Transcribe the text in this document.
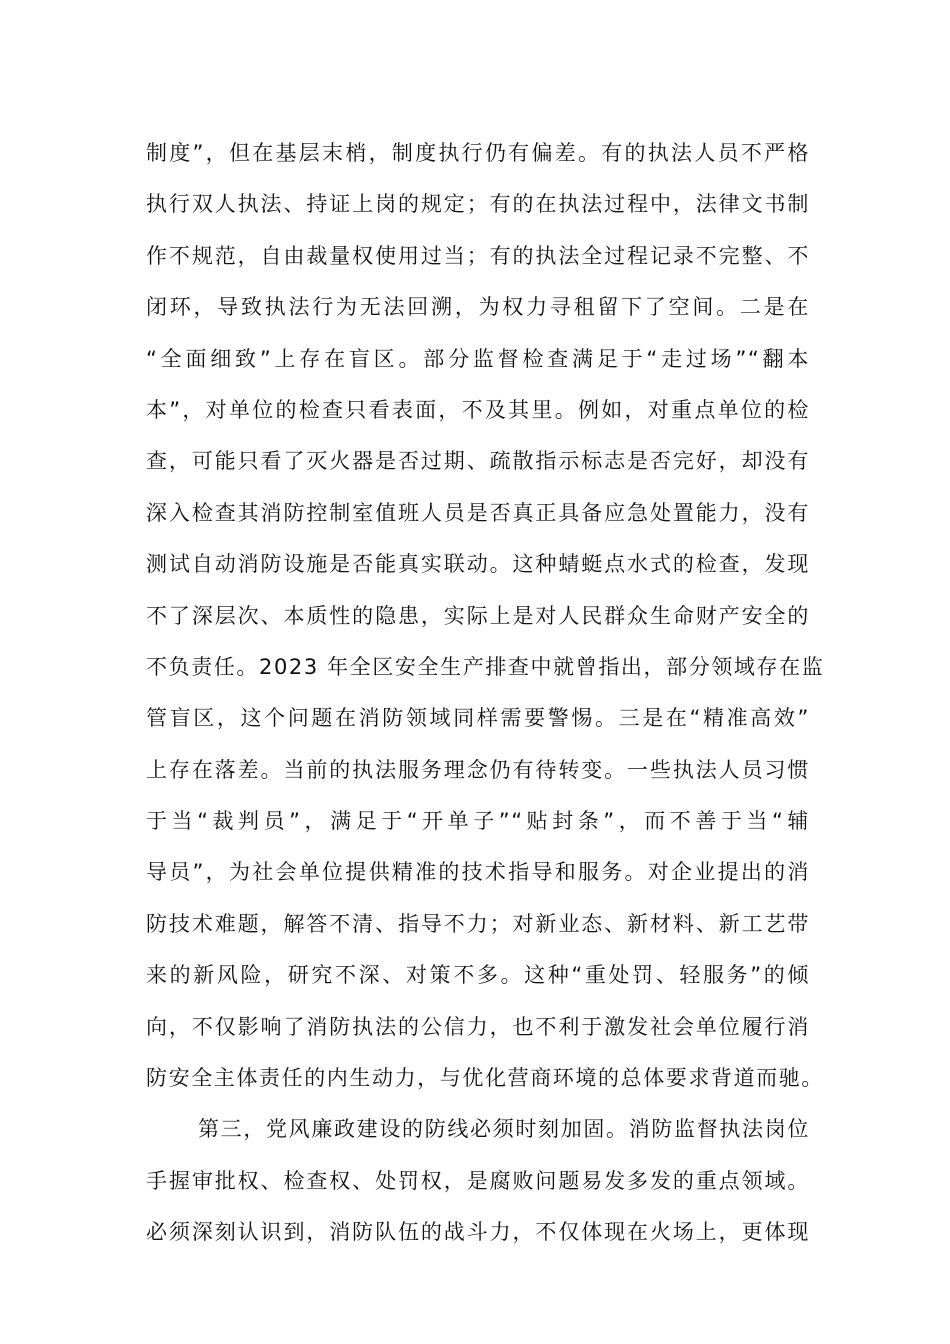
制度”，但在基层末梢，制度执行仍有偏差。有的执法人员不严格
执行双人执法、持证上岗的规定；有的在执法过程中，法律文书制
作不规范，自由裁量权使用过当；有的执法全过程记录不完整、不
闭环，导致执法行为无法回溯，为权力寻租留下了空间。二是在
“全面细致”上存在盲区。部分监督检查满足于“走过场”“翻本
本”，对单位的检查只看表面，不及其里。例如，对重点单位的检
查，可能只看了灭火器是否过期、疏散指示标志是否完好，却没有
深入检查其消防控制室值班人员是否真正具备应急处置能力，没有
测试自动消防设施是否能真实联动。这种蜻蜓点水式的检查，发现
不了深层次、本质性的隐患，实际上是对人民群众生命财产安全的
不负责任。2023 年全区安全生产排查中就曾指出，部分领域存在监
管盲区，这个问题在消防领域同样需要警惕。三是在“精准高效”
上存在落差。当前的执法服务理念仍有待转变。一些执法人员习惯
于当“裁判员”，满足于“开单子”“贴封条”，而不善于当“辅
导员”，为社会单位提供精准的技术指导和服务。对企业提出的消
防技术难题，解答不清、指导不力；对新业态、新材料、新工艺带
来的新风险，研究不深、对策不多。这种“重处罚、轻服务”的倾
向，不仅影响了消防执法的公信力，也不利于激发社会单位履行消
防安全主体责任的内生动力，与优化营商环境的总体要求背道而驰。
第三，党风廉政建设的防线必须时刻加固。消防监督执法岗位
手握审批权、检查权、处罚权，是腐败问题易发多发的重点领域。
必须深刻认识到，消防队伍的战斗力，不仅体现在火场上，更体现
